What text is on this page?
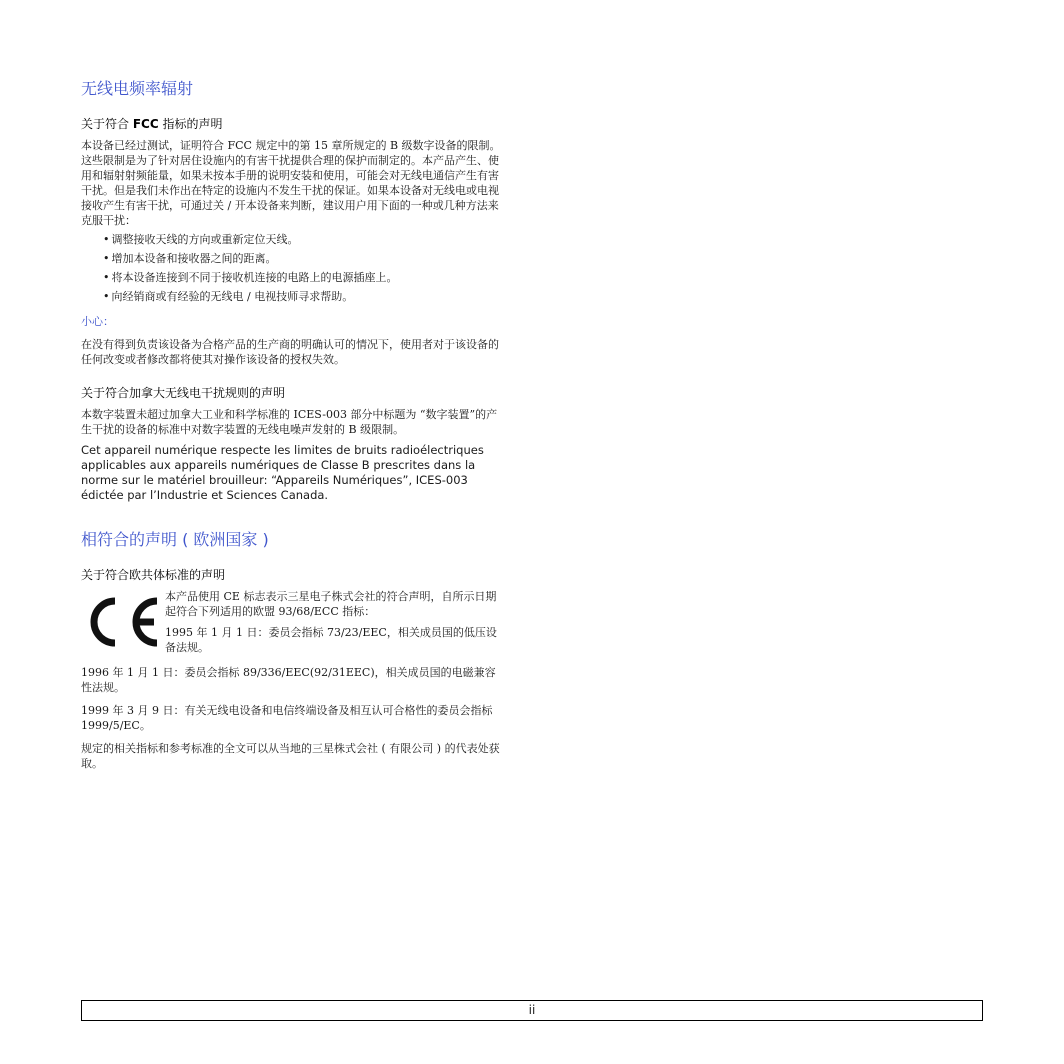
无线电频率辐射
关于符合 FCC 指标的声明
本设备已经过测试，证明符合 FCC 规定中的第 15 章所规定的 B 级数字设备的限制。这些限制是为了针对居住设施内的有害干扰提供合理的保护而制定的。本产品产生、使用和辐射射频能量，如果未按本手册的说明安装和使用，可能会对无线电通信产生有害干扰。但是我们未作出在特定的设施内不发生干扰的保证。如果本设备对无线电或电视接收产生有害干扰，可通过关 / 开本设备来判断，建议用户用下面的一种或几种方法来克服干扰：
• 调整接收天线的方向或重新定位天线。
• 增加本设备和接收器之间的距离。
• 将本设备连接到不同于接收机连接的电路上的电源插座上。
• 向经销商或有经验的无线电 / 电视技师寻求帮助。
小心：
在没有得到负责该设备为合格产品的生产商的明确认可的情况下，使用者对于该设备的任何改变或者修改都将使其对操作该设备的授权失效。
关于符合加拿大无线电干扰规则的声明
本数字装置未超过加拿大工业和科学标准的 ICES-003 部分中标题为 “数字装置”的产生干扰的设备的标准中对数字装置的无线电噪声发射的 B 级限制。
Cet appareil numérique respecte les limites de bruits radioélectriques applicables aux appareils numériques de Classe B prescrites dans la norme sur le matériel brouilleur: “Appareils Numériques”, ICES-003 édictée par l’Industrie et Sciences Canada.
相符合的声明 ( 欧洲国家 )
关于符合欧共体标准的声明
本产品使用 CE 标志表示三星电子株式会社的符合声明，自所示日期起符合下列适用的欧盟 93/68/ECC 指标：
1995 年 1 月 1 日：委员会指标 73/23/EEC，相关成员国的低压设备法规。
1996 年 1 月 1 日：委员会指标 89/336/EEC(92/31EEC)，相关成员国的电磁兼容性法规。
1999 年 3 月 9 日：有关无线电设备和电信终端设备及相互认可合格性的委员会指标 1999/5/EC。
规定的相关指标和参考标准的全文可以从当地的三星株式会社 ( 有限公司 ) 的代表处获取。
ii
